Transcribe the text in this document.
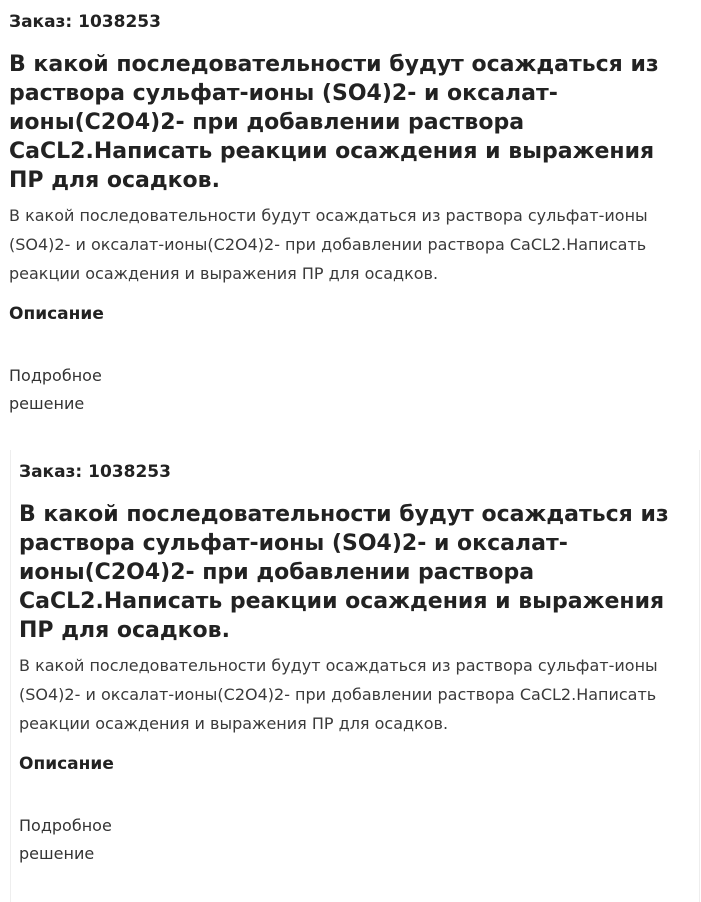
Заказ: 1038253
В какой последовательности будут осаждаться из раствора сульфат-ионы (SO4)2- и оксалат-ионы(C2O4)2- при добавлении раствора CaCL2.Написать реакции осаждения и выражения ПР для осадков.
В какой последовательности будут осаждаться из раствора сульфат-ионы (SO4)2- и оксалат-ионы(C2O4)2- при добавлении раствора CaCL2.Написать реакции осаждения и выражения ПР для осадков.
Описание
Подробное решение
Заказ: 1038253
В какой последовательности будут осаждаться из раствора сульфат-ионы (SO4)2- и оксалат-ионы(C2O4)2- при добавлении раствора CaCL2.Написать реакции осаждения и выражения ПР для осадков.
В какой последовательности будут осаждаться из раствора сульфат-ионы (SO4)2- и оксалат-ионы(C2O4)2- при добавлении раствора CaCL2.Написать реакции осаждения и выражения ПР для осадков.
Описание
Подробное решение
